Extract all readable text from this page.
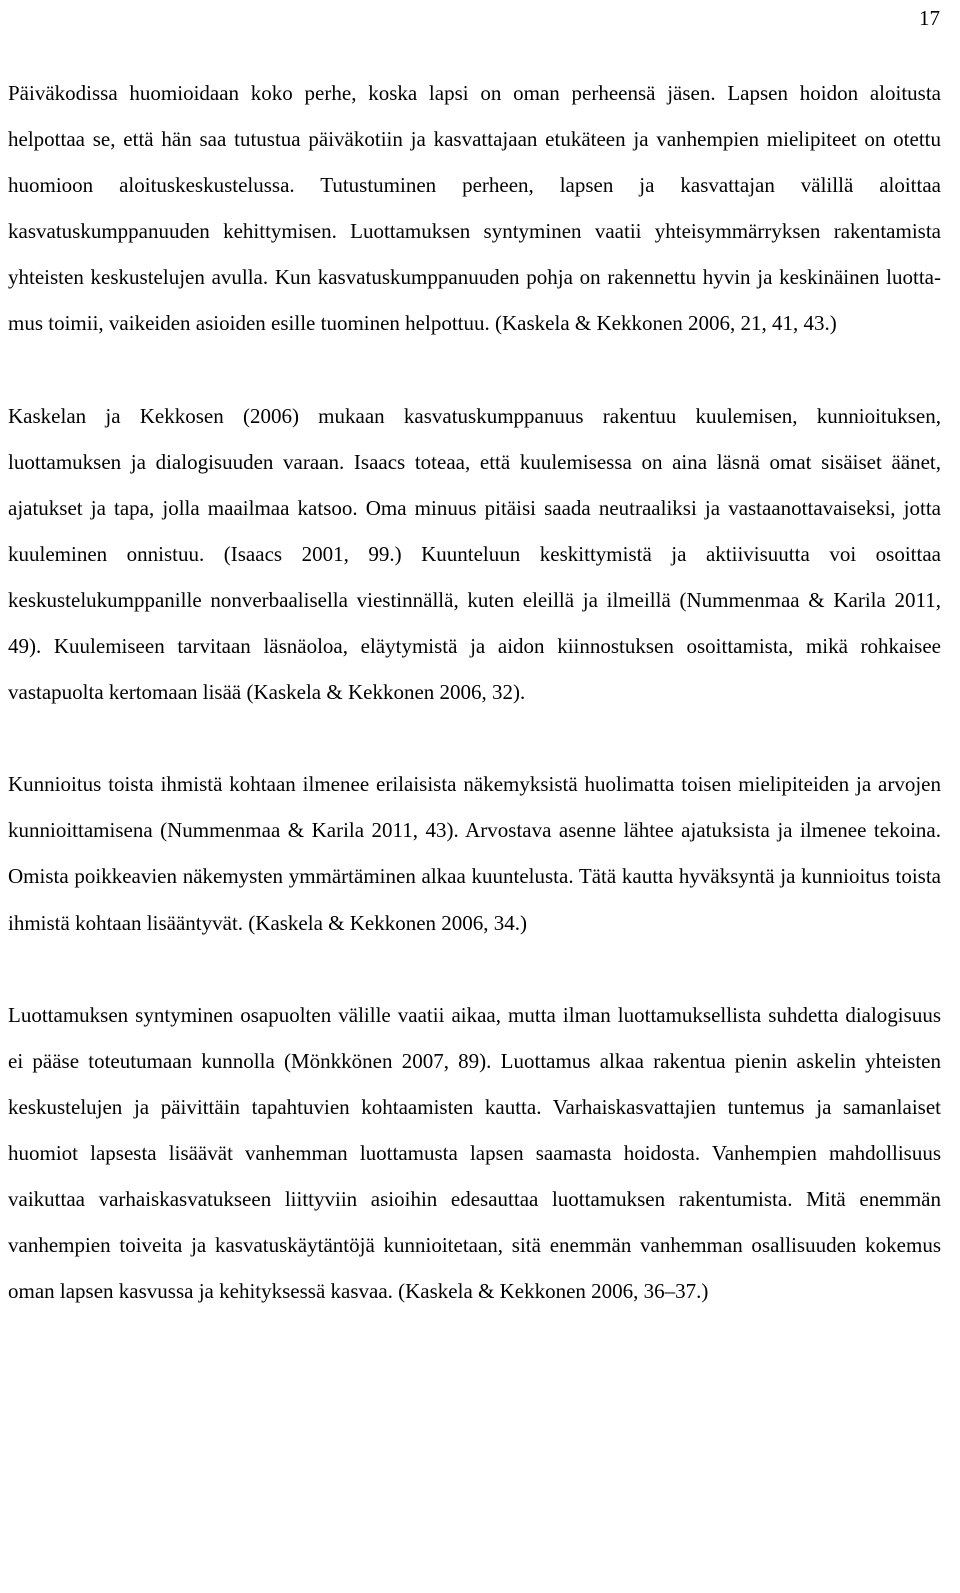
17

Päiväkodissa huomioidaan koko perhe, koska lapsi on oman perheensä jäsen. Lapsen hoidon aloitusta helpottaa se, että hän saa tutustua päiväkotiin ja kasvattajaan etukäteen ja vanhempien mielipiteet on otettu huomioon aloituskeskustelussa. Tutustuminen perheen, lapsen ja kasvattajan välillä aloittaa kasvatuskumppanuuden kehittymisen. Luottamuksen syntyminen vaatii yhteisymmärryksen rakentamista yhteisten keskustelujen avulla. Kun kasvatuskumppanuuden pohja on rakennettu hyvin ja keskinäinen luottamus toimii, vaikeiden asioiden esille tuominen helpottuu. (Kaskela & Kekkonen 2006, 21, 41, 43.)

Kaskelan ja Kekkosen (2006) mukaan kasvatuskumppanuus rakentuu kuulemisen, kunnioituksen, luottamuksen ja dialogisuuden varaan. Isaacs toteaa, että kuulemisessa on aina läsnä omat sisäiset äänet, ajatukset ja tapa, jolla maailmaa katsoo. Oma minuus pitäisi saada neutraaliksi ja vastaanottavaiseksi, jotta kuuleminen onnistuu. (Isaacs 2001, 99.) Kuunteluun keskittymistä ja aktiivisuutta voi osoittaa keskustelukumppanille nonverbaalisella viestinnällä, kuten eleillä ja ilmeillä (Nummenmaa & Karila 2011, 49). Kuulemiseen tarvitaan läsnäoloa, eläytymistä ja aidon kiinnostuksen osoittamista, mikä rohkaisee vastapuolta kertomaan lisää (Kaskela & Kekkonen 2006, 32).

Kunnioitus toista ihmistä kohtaan ilmenee erilaisista näkemyksistä huolimatta toisen mielipiteiden ja arvojen kunnioittamisena (Nummenmaa & Karila 2011, 43). Arvostava asenne lähtee ajatuksista ja ilmenee tekoina. Omista poikkeavien näkemysten ymmärtäminen alkaa kuuntelusta. Tätä kautta hyväksyntä ja kunnioitus toista ihmistä kohtaan lisääntyvät. (Kaskela & Kekkonen 2006, 34.)

Luottamuksen syntyminen osapuolten välille vaatii aikaa, mutta ilman luottamuksellista suhdetta dialogisuus ei pääse toteutumaan kunnolla (Mönkkönen 2007, 89). Luottamus alkaa rakentua pienin askelin yhteisten keskustelujen ja päivittäin tapahtuvien kohtaamisten kautta. Varhaiskasvattajien tuntemus ja samanlaiset huomiot lapsesta lisäävät vanhemman luottamusta lapsen saamasta hoidosta. Vanhempien mahdollisuus vaikuttaa varhaiskasvatukseen liittyviin asioihin edesauttaa luottamuksen rakentumista. Mitä enemmän vanhempien toiveita ja kasvatuskäytäntöjä kunnioitetaan, sitä enemmän vanhemman osallisuuden kokemus oman lapsen kasvussa ja kehityksessä kasvaa. (Kaskela & Kekkonen 2006, 36–37.)
